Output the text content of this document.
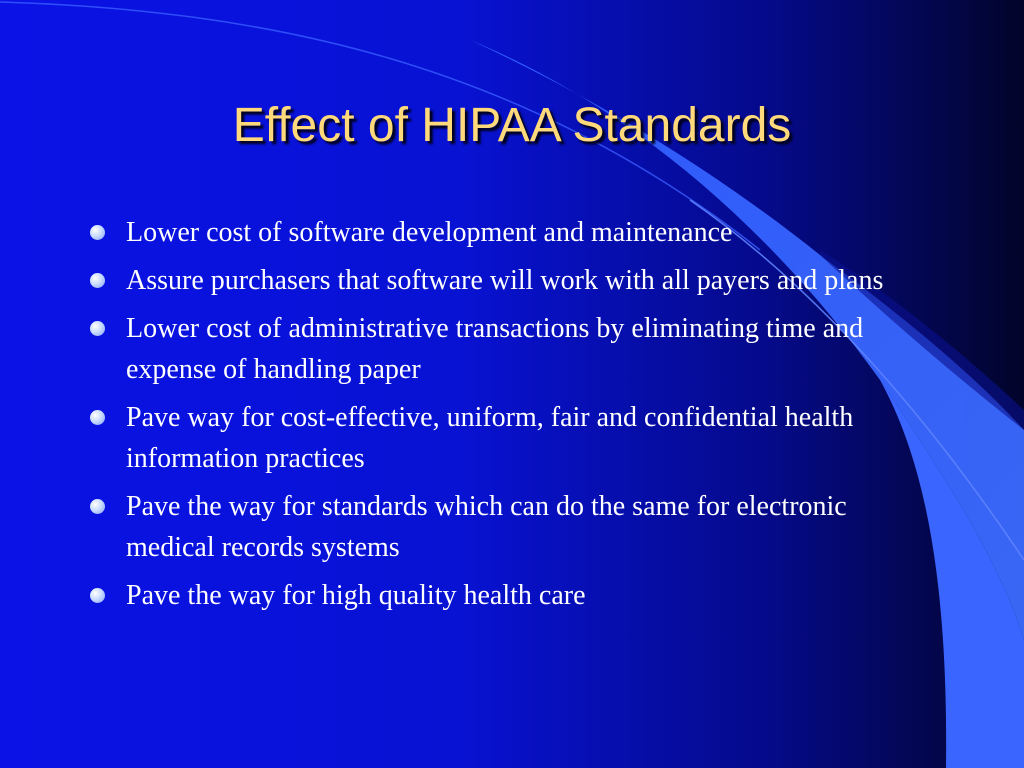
Effect of HIPAA Standards
Lower cost of software development and maintenance
Assure purchasers that software will work with all payers and plans
Lower cost of administrative transactions by eliminating time and expense of handling paper
Pave way for cost-effective, uniform, fair and confidential health information practices
Pave the way for standards which can do the same for electronic medical records systems
Pave the way for high quality health care
